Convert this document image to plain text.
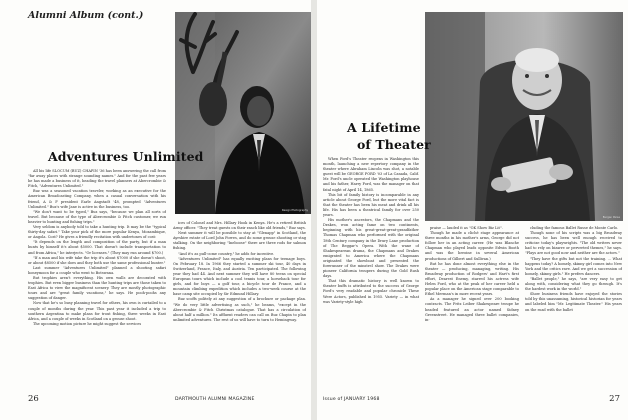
Alumni Album (cont.)
Design Photography
Adventures Unlimited

All his life SLOCUM (BUZ) CHAPIN '36 has been answering the call from "far away places with strange sounding names." And for the past few years he has made a business of it, heading the travel planners at Abercrombie & Fitch, "Adventures Unlimited."

Buz was a seasoned vacation traveler, working as an executive for the American Broadcasting Company, when a casual conversation with his friend, A & F president Earle Angstadt '48, prompted "Adventures Unlimited." Buz's wife Jane is active in the business, too.

"We don't want to be typed," Buz says, "because we plan all sorts of travel. But because of the type of Abercrombie & Fitch customer, we run heavier to hunting and fishing trips."

Very seldom is anybody told to take a hunting trip. It may be the "typical thirty-day safari." Take your pick of the more popular Kenya, Mozambique, or Angola. Cost? He gives a friendly recitation with undertones of cost:

"It depends on the length and composition of the party, but if a man hunts by himself it's about $5000. That doesn't include transportation to and from Africa," he interjects. "Or licenses." (They may run around $700.)

"If a man and his wife take the trip it's about $7000 if she doesn't shoot, or about $8500 if she does and they both use the same professional hunter."

Last summer "Adventures Unlimited" planned a shooting safari honeymoon for a couple who went to Botswana.

But trophies aren't everything. His own walls are decorated with trophies. But even bigger business than the hunting trips are those taken to East Africa to view the magnificent scenery. They are mostly photographic tours and are "great family vacations," he says. He pooh-poohs any suggestion of danger.

Now that he's so busy planning travel for others, his own is curtailed to a couple of months during the year. This past year it included a trip to southern Argentina to make plans for trout fishing, three weeks in East Africa, and a couple of weeks in Scotland on a grouse shoot.

The upcoming motion picture he might suggest the services

ices of Colonel and Mrs. Hillary Hook in Kenya. He's a retired British Army officer. "They treat guests on their ranch like old friends," Buz says.

Next summer it will be possible to stay at "Glenapp" in Scotland, the Ayrshire estate of Lord John Forres, and do some grouse shooting or stag stalking. On the neighboring "Ineboose" there are three rods for salmon fishing.

"And it's as pull-come country," he adds for incentive.

"Adventures Unlimited" has equally exciting plans for teenage boys. On February 18. In 1966 they started a summer ski tour, 40 days in Switzerland, France, Italy, and Austria. Ten participated. The following year they had 44. And next summer they will have 80 teens on special European tours which include a cool tennis tour, a horseback tour for girls, and for boys — a golf tour, a bicycle tour de France, and a mountain climbing expedition which includes a two-week course at the base camp site occupied by Sir Edmund Hillary.

Buz scoffs politely at any suggestion of a brochure or package plan. "We do very little advertising as such," he beams, "except in the Abercrombie & Fitch Christmas catalogue. That has a circulation of about half a million." Its affluent readers can call on Buz Chapin to plan unlimited adventures. The rest of us will have to turn to Hemingway.

26	DARTMOUTH ALUMNI MAGAZINE
Burgan Parsa
A Lifetime
of Theater

When Ford's Theater reopens in Washington this month, launching a new repertory company in the theater where Abraham Lincoln was shot, a notable guest will be GEORGE FORD '03 of La Canada, Calif. Mr. Ford's uncle operated the Washington playhouse and his father, Harry Ford, was the manager on that fatal night of April 14, 1865.

This bit of family history is incomparable in any article about George Ford, but the more vital fact is that the theater has been his meat and drink all his life. His has been a theatrical family for over 250 years.

His mother's ancestors, the Chapmans and the Drakes, won acting fame on two continents, beginning with his great-great-great-grandfather Thomas Chapman who performed with the original 18th Century company in the Drury Lane production of The Beggar's Opera. With the wane of Shakespearean drama, the Chapmans and Drakes emigrated to America where the Chapmans originated the showboat and presented the forerunner of the minstrel show. The Drakes were pioneer California troupers during the Gold Rush days.

That this dramatic history is well known to theater buffs is attributed to the success of George Ford's very readable and popular chronicle These Were Actors, published in 1955. Variety — in what was Variety-style high

praise — lauded it as "OK Show Biz Lit".

Though he made a cliché stage appearance at three months in his mother's arms, George did not follow her in an acting career. (He was Blanche Chapman who played leads opposite Edwin Booth and was the heroine in several American productions of Gilbert and Sullivan.)

But he has done almost everything else in the theater — producing, managing, writing. His Broadway production of Rodgers' and Hart's first effort, Dearest Enemy, starred his actress wife Helen Ford, who at the peak of her career held a popular place on the American stage comparable to Ethel Merman's in more recent years.

As a manager he signed over 200 booking contracts. The Fritz Leiber Shakespeare troupe he headed featured an actor named Sidney Greenstreet. He managed three ballet companies, in-

cluding the famous Ballet Russe de Monte Carlo.

Though none of his scripts was a big Broadway success, he has been well enough received to criticize today's playwrights. "The old writers never had to rely on bizarre or perverted themes," he says. "Plays are not good now and neither are the actors."

"They have the gifts but not the training. ... What happens today? A homely, skinny girl comes into New York and the critics rave. And we get a succession of homely, skinny girls." He prefers dancers.

"Ballet people," he says, "are very easy to get along with, considering what they go through. It's the hardest work in the world."

Show business friends have enjoyed the stories told by this unassuming, historical historian for years and labeled him "Mr. Legitimate Theater." His years on the road with the ballet

Issue of JANUARY 1968	27
